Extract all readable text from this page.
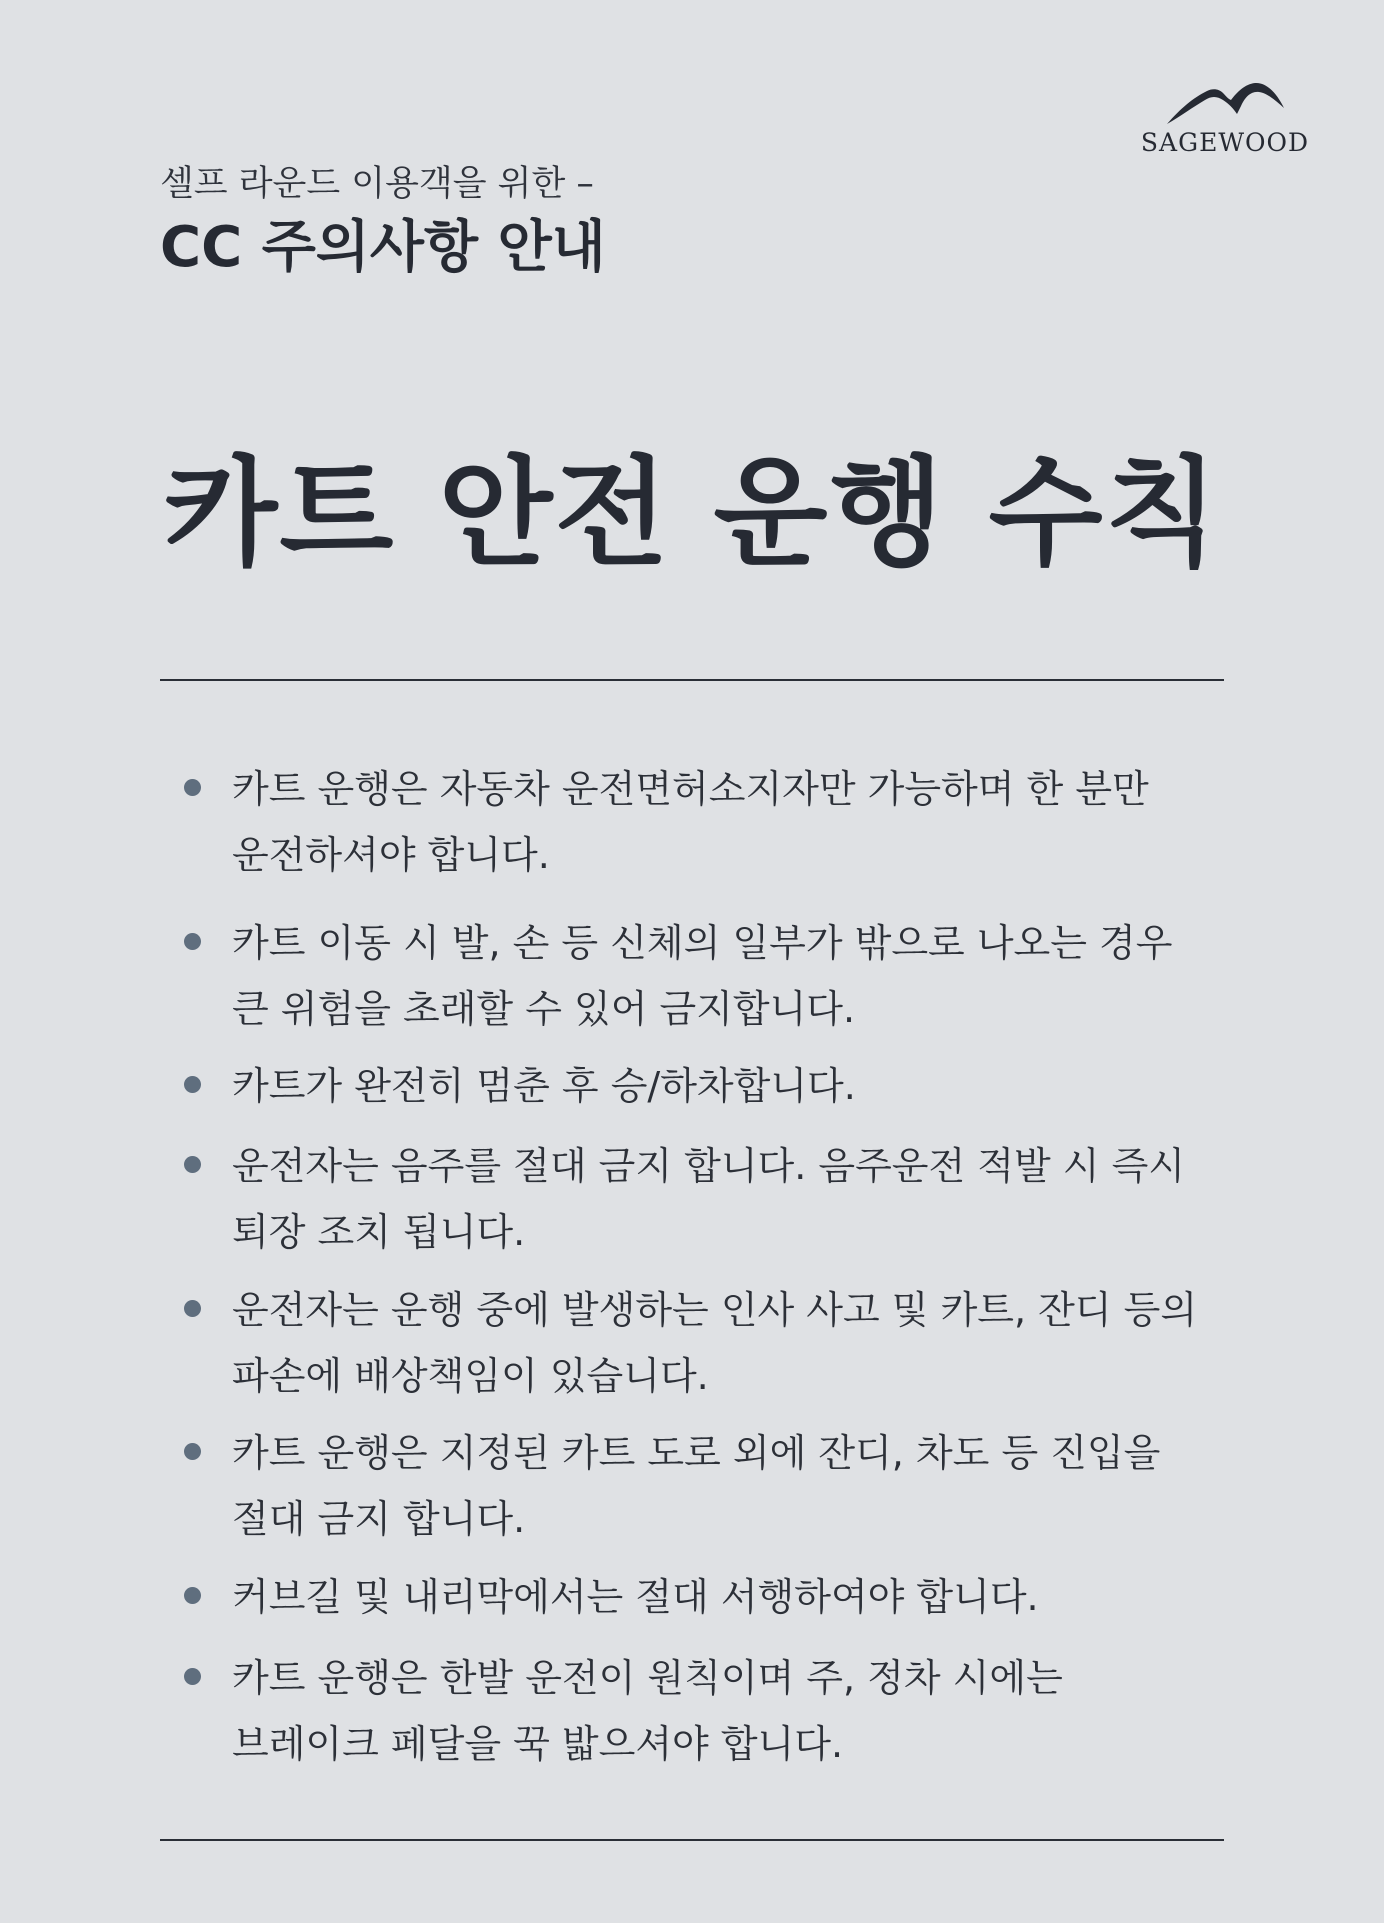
SAGEWOOD
셀프 라운드 이용객을 위한 –
CC 주의사항 안내
카트 안전 운행 수칙
카트 운행은 자동차 운전면허소지자만 가능하며 한 분만
운전하셔야 합니다.
카트 이동 시 발, 손 등 신체의 일부가 밖으로 나오는 경우
큰 위험을 초래할 수 있어 금지합니다.
카트가 완전히 멈춘 후 승/하차합니다.
운전자는 음주를 절대 금지 합니다. 음주운전 적발 시 즉시
퇴장 조치 됩니다.
운전자는 운행 중에 발생하는 인사 사고 및 카트, 잔디 등의
파손에 배상책임이 있습니다.
카트 운행은 지정된 카트 도로 외에 잔디, 차도 등 진입을
절대 금지 합니다.
커브길 및 내리막에서는 절대 서행하여야 합니다.
카트 운행은 한발 운전이 원칙이며 주, 정차 시에는
브레이크 페달을 꾹 밟으셔야 합니다.
